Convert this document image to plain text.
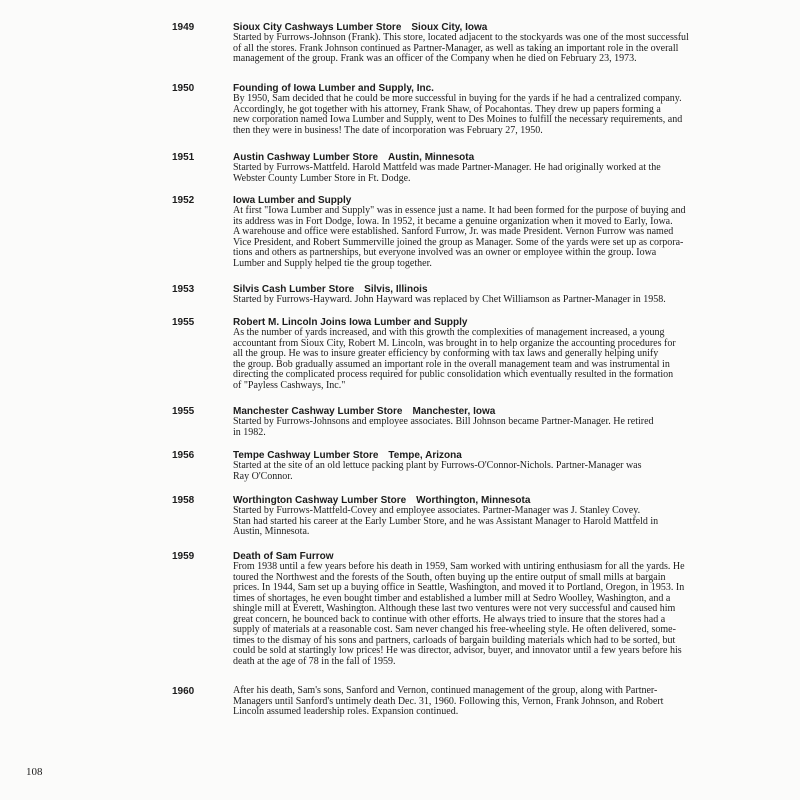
1949	Sioux City Cashways Lumber Store Sioux City, Iowa
Started by Furrows-Johnson (Frank). This store, located adjacent to the stockyards was one of the most successful
of all the stores. Frank Johnson continued as Partner-Manager, as well as taking an important role in the overall
management of the group. Frank was an officer of the Company when he died on February 23, 1973.
1950	Founding of Iowa Lumber and Supply, Inc.
By 1950, Sam decided that he could be more successful in buying for the yards if he had a centralized company.
Accordingly, he got together with his attorney, Frank Shaw, of Pocahontas. They drew up papers forming a
new corporation named Iowa Lumber and Supply, went to Des Moines to fulfill the necessary requirements, and
then they were in business! The date of incorporation was February 27, 1950.
1951	Austin Cashway Lumber Store Austin, Minnesota
Started by Furrows-Mattfeld. Harold Mattfeld was made Partner-Manager. He had originally worked at the
Webster County Lumber Store in Ft. Dodge.
1952	Iowa Lumber and Supply
At first "Iowa Lumber and Supply" was in essence just a name. It had been formed for the purpose of buying and
its address was in Fort Dodge, Iowa. In 1952, it became a genuine organization when it moved to Early, Iowa.
A warehouse and office were established. Sanford Furrow, Jr. was made President. Vernon Furrow was named
Vice President, and Robert Summerville joined the group as Manager. Some of the yards were set up as corpora-
tions and others as partnerships, but everyone involved was an owner or employee within the group. Iowa
Lumber and Supply helped tie the group together.
1953	Silvis Cash Lumber Store Silvis, Illinois
Started by Furrows-Hayward. John Hayward was replaced by Chet Williamson as Partner-Manager in 1958.
1955	Robert M. Lincoln Joins Iowa Lumber and Supply
As the number of yards increased, and with this growth the complexities of management increased, a young
accountant from Sioux City, Robert M. Lincoln, was brought in to help organize the accounting procedures for
all the group. He was to insure greater efficiency by conforming with tax laws and generally helping unify
the group. Bob gradually assumed an important role in the overall management team and was instrumental in
directing the complicated process required for public consolidation which eventually resulted in the formation
of "Payless Cashways, Inc."
1955	Manchester Cashway Lumber Store Manchester, Iowa
Started by Furrows-Johnsons and employee associates. Bill Johnson became Partner-Manager. He retired
in 1982.
1956	Tempe Cashway Lumber Store Tempe, Arizona
Started at the site of an old lettuce packing plant by Furrows-O'Connor-Nichols. Partner-Manager was
Ray O'Connor.
1958	Worthington Cashway Lumber Store Worthington, Minnesota
Started by Furrows-Mattfeld-Covey and employee associates. Partner-Manager was J. Stanley Covey.
Stan had started his career at the Early Lumber Store, and he was Assistant Manager to Harold Mattfeld in
Austin, Minnesota.
1959	Death of Sam Furrow
From 1938 until a few years before his death in 1959, Sam worked with untiring enthusiasm for all the yards. He
toured the Northwest and the forests of the South, often buying up the entire output of small mills at bargain
prices. In 1944, Sam set up a buying office in Seattle, Washington, and moved it to Portland, Oregon, in 1953. In
times of shortages, he even bought timber and established a lumber mill at Sedro Woolley, Washington, and a
shingle mill at Everett, Washington. Although these last two ventures were not very successful and caused him
great concern, he bounced back to continue with other efforts. He always tried to insure that the stores had a
supply of materials at a reasonable cost. Sam never changed his free-wheeling style. He often delivered, some-
times to the dismay of his sons and partners, carloads of bargain building materials which had to be sorted, but
could be sold at startingly low prices! He was director, advisor, buyer, and innovator until a few years before his
death at the age of 78 in the fall of 1959.
1960	After his death, Sam's sons, Sanford and Vernon, continued management of the group, along with Partner-
Managers until Sanford's untimely death Dec. 31, 1960. Following this, Vernon, Frank Johnson, and Robert
Lincoln assumed leadership roles. Expansion continued.
108
